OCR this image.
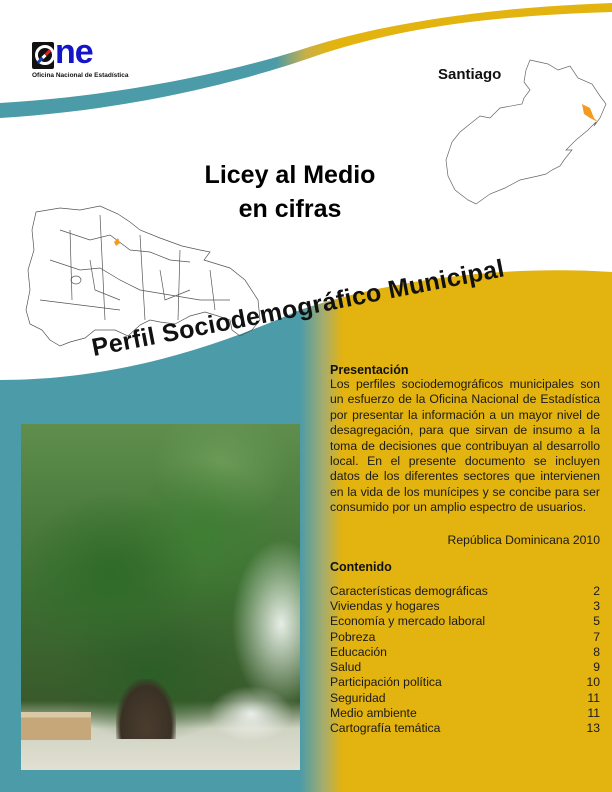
ne
Oficina Nacional de Estadística	Santiago
Licey al Medio
en cifras
Perfil Sociodemográfico Municipal
Presentación

Los perfiles sociodemográficos municipales son un esfuerzo de la Oficina Nacional de Estadística por presentar la información a un mayor nivel de desagregación, para que sirvan de insumo a la toma de decisiones que contribuyan al desarrollo local. En el presente documento se incluyen datos de los diferentes sectores que intervienen en la vida de los munícipes y se concibe para ser consumido por un amplio espectro de usuarios.

República Dominicana 2010
Contenido
Características demográficas	2
Viviendas y hogares	3
Economía y mercado laboral	5
Pobreza	7
Educación	8
Salud	9
Participación política	10
Seguridad	11
Medio ambiente	11
Cartografía temática	13
